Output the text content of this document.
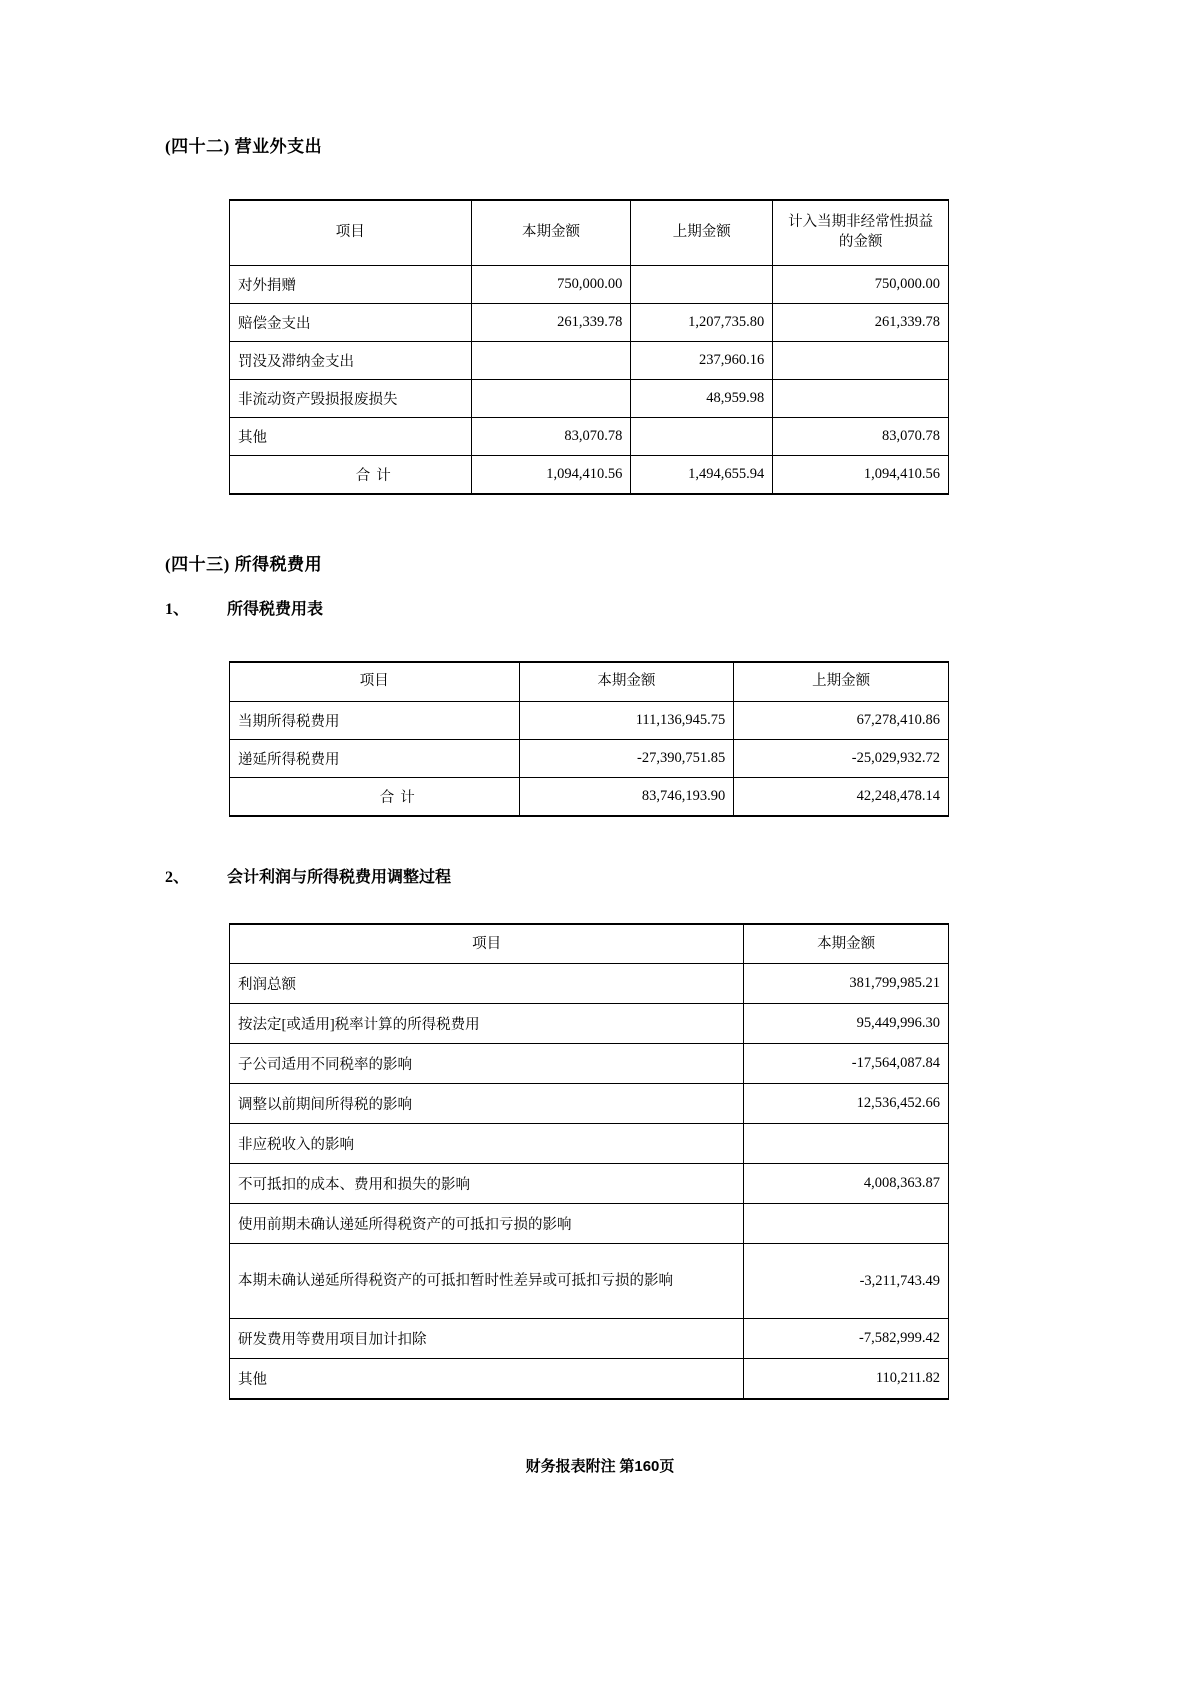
(四十二) 营业外支出
项目	本期金额	上期金额	计入当期非经常性损益的金额
对外捐赠	750,000.00		750,000.00
赔偿金支出	261,339.78	1,207,735.80	261,339.78
罚没及滞纳金支出		237,960.16	
非流动资产毁损报废损失		48,959.98	
其他	83,070.78		83,070.78
合计	1,094,410.56	1,494,655.94	1,094,410.56
(四十三) 所得税费用
1、	所得税费用表
项目	本期金额	上期金额
当期所得税费用	111,136,945.75	67,278,410.86
递延所得税费用	-27,390,751.85	-25,029,932.72
合计	83,746,193.90	42,248,478.14
2、	会计利润与所得税费用调整过程
项目	本期金额
利润总额	381,799,985.21
按法定[或适用]税率计算的所得税费用	95,449,996.30
子公司适用不同税率的影响	-17,564,087.84
调整以前期间所得税的影响	12,536,452.66
非应税收入的影响	
不可抵扣的成本、费用和损失的影响	4,008,363.87
使用前期未确认递延所得税资产的可抵扣亏损的影响	
本期未确认递延所得税资产的可抵扣暂时性差异或可抵扣亏损的影响	-3,211,743.49
研发费用等费用项目加计扣除	-7,582,999.42
其他	110,211.82
财务报表附注 第160页
